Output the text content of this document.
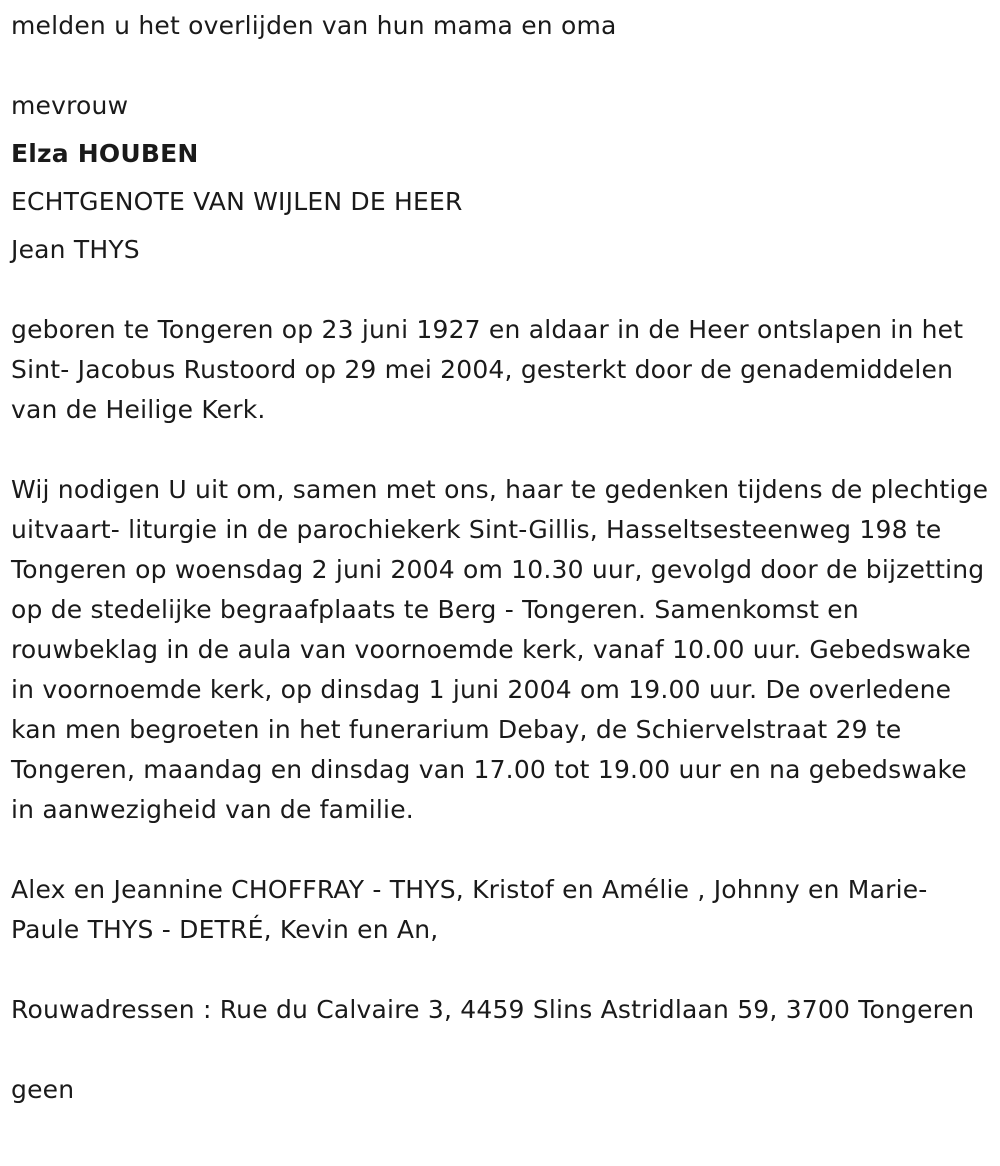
melden u het overlijden van hun mama en oma

mevrouw

Elza HOUBEN

ECHTGENOTE VAN WIJLEN DE HEER

Jean THYS

geboren te Tongeren op 23 juni 1927 en aldaar in de Heer ontslapen in het Sint- Jacobus Rustoord op 29 mei 2004, gesterkt door de genademiddelen van de Heilige Kerk.

Wij nodigen U uit om, samen met ons, haar te gedenken tijdens de plechtige uitvaart- liturgie in de parochiekerk Sint-Gillis, Hasseltsesteenweg 198 te Tongeren op woensdag 2 juni 2004 om 10.30 uur, gevolgd door de bijzetting op de stedelijke begraafplaats te Berg - Tongeren. Samenkomst en rouwbeklag in de aula van voornoemde kerk, vanaf 10.00 uur. Gebedswake in voornoemde kerk, op dinsdag 1 juni 2004 om 19.00 uur. De overledene kan men begroeten in het funerarium Debay, de Schiervelstraat 29 te Tongeren, maandag en dinsdag van 17.00 tot 19.00 uur en na gebedswake in aanwezigheid van de familie.

Alex en Jeannine CHOFFRAY - THYS, Kristof en Amélie , Johnny en Marie-Paule THYS - DETRÉ, Kevin en An,

Rouwadressen : Rue du Calvaire 3, 4459 Slins Astridlaan 59, 3700 Tongeren

geen
